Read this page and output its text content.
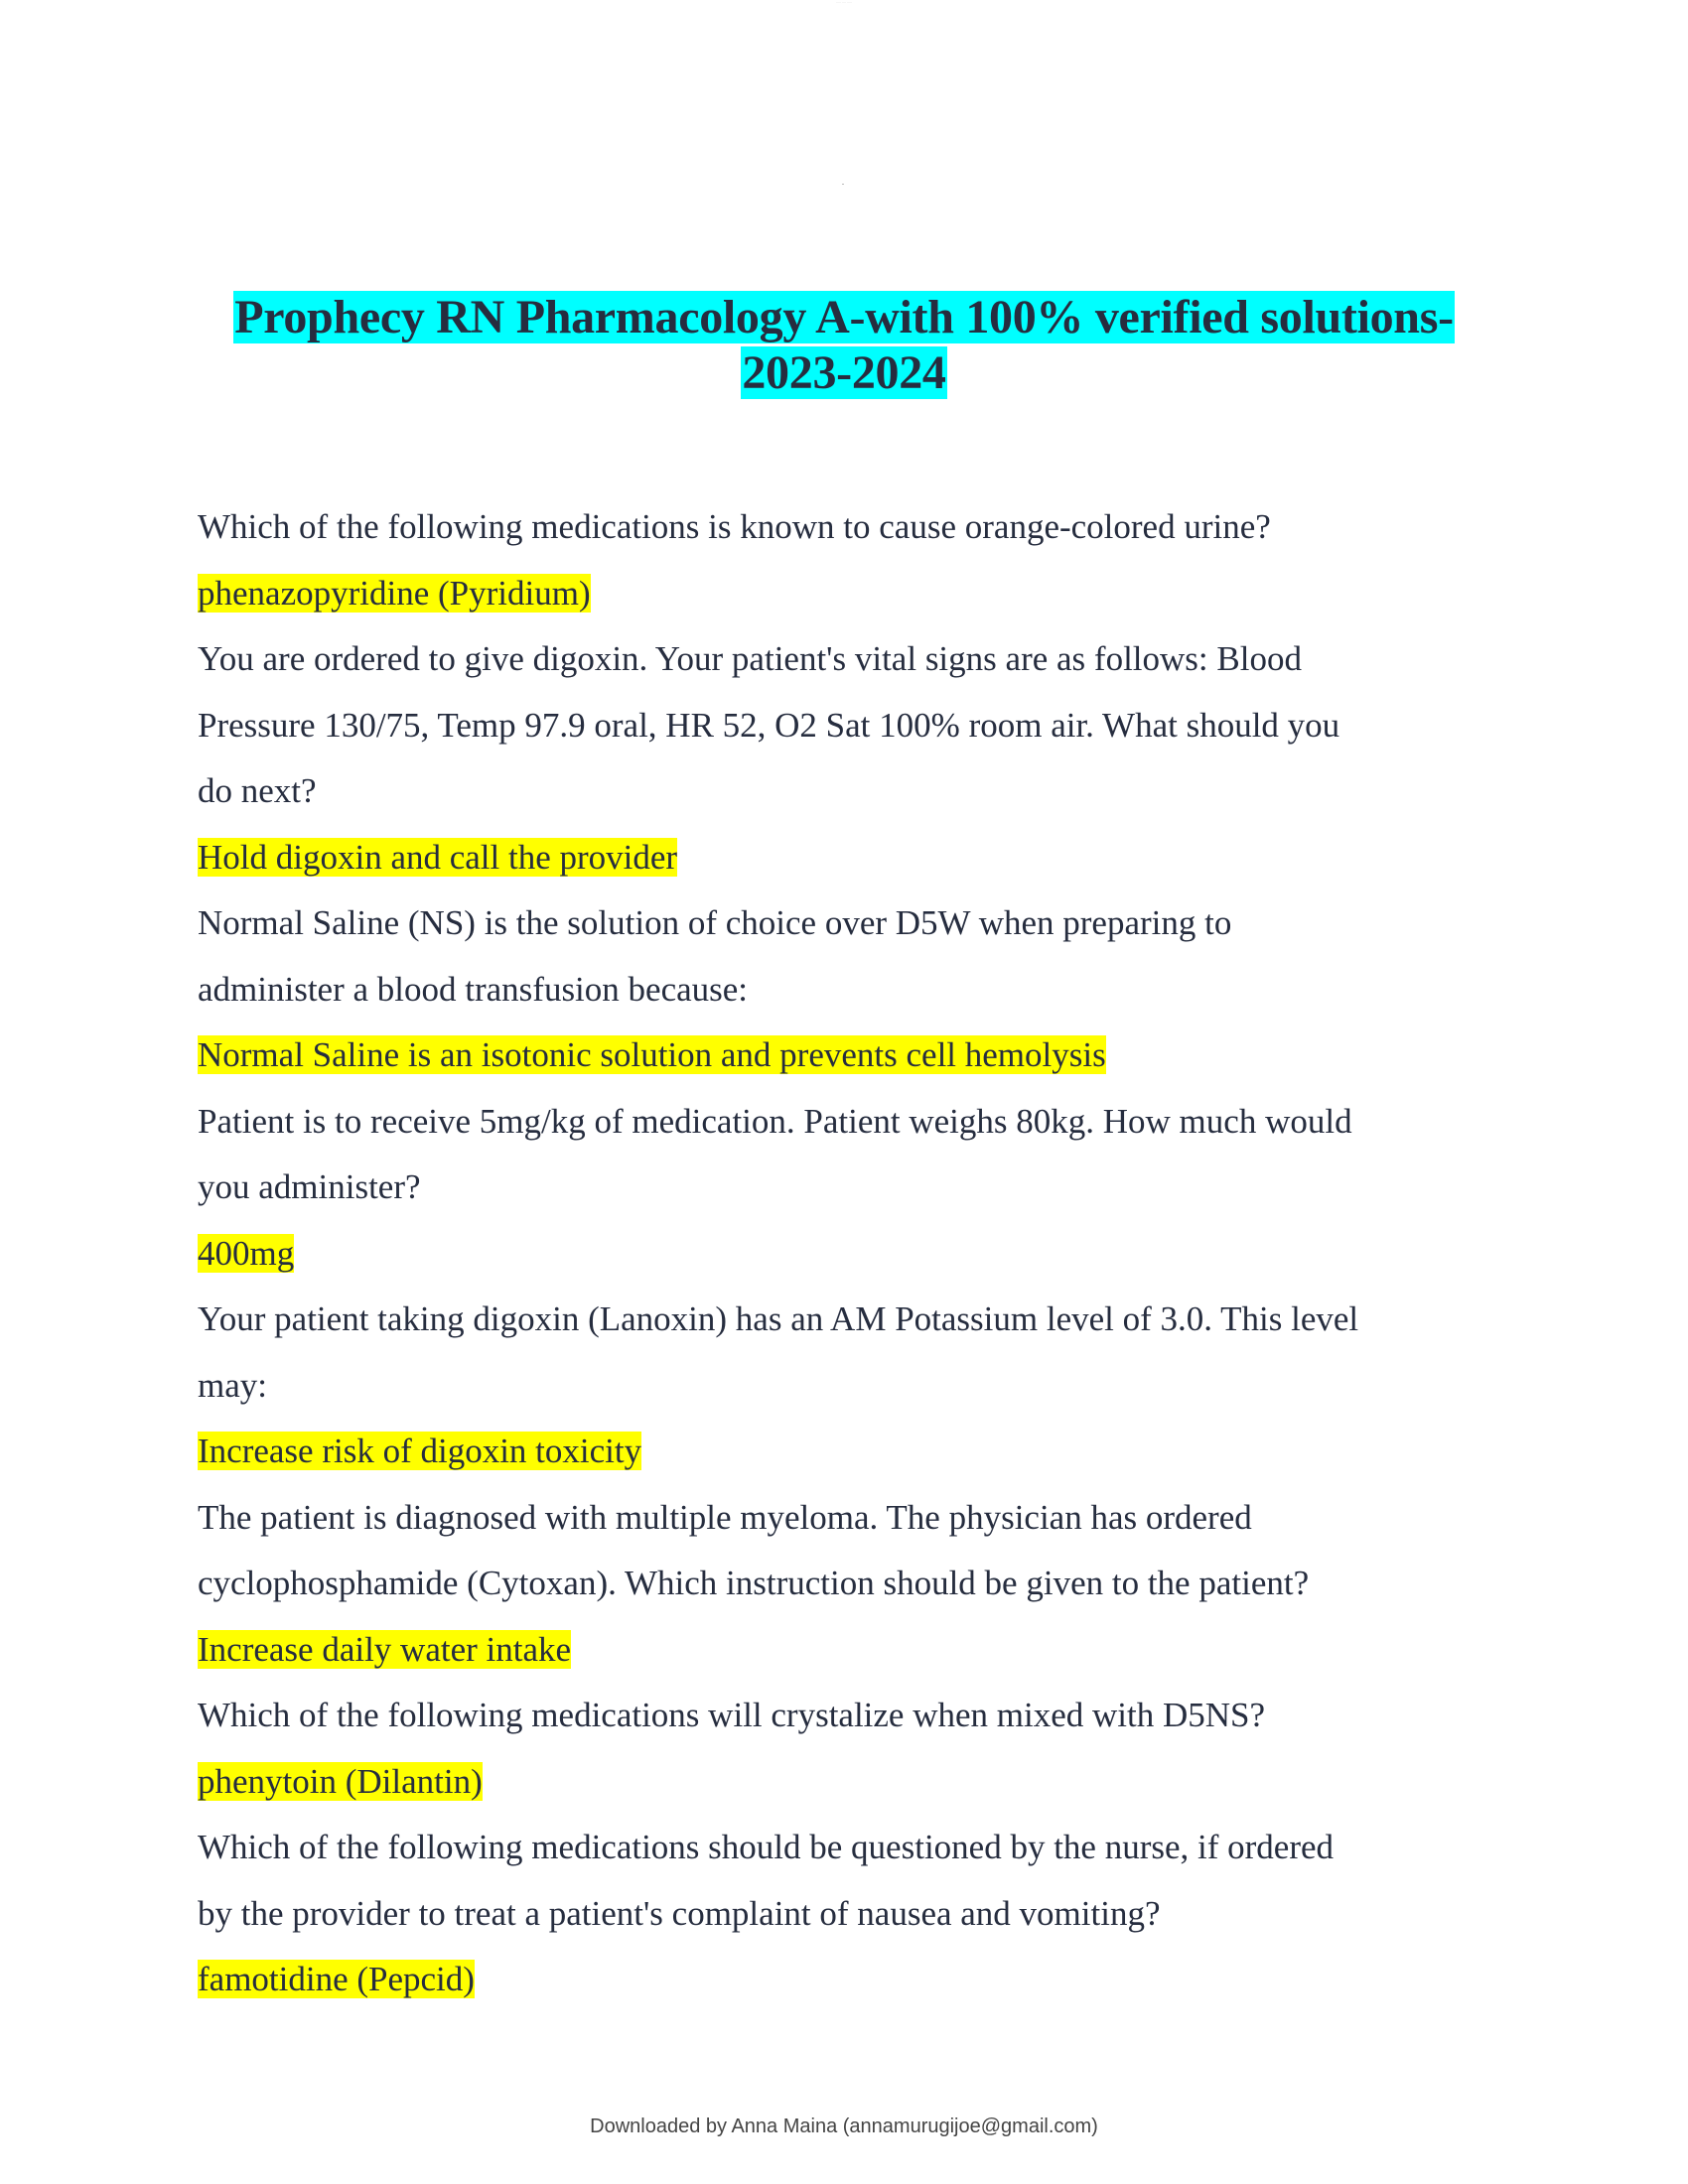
····· ···· ·····
Prophecy RN Pharmacology A-with 100% verified solutions-
2023-2024
Which of the following medications is known to cause orange-colored urine?
phenazopyridine (Pyridium)
You are ordered to give digoxin. Your patient's vital signs are as follows: Blood
Pressure 130/75, Temp 97.9 oral, HR 52, O2 Sat 100% room air. What should you
do next?
Hold digoxin and call the provider
Normal Saline (NS) is the solution of choice over D5W when preparing to
administer a blood transfusion because:
Normal Saline is an isotonic solution and prevents cell hemolysis
Patient is to receive 5mg/kg of medication. Patient weighs 80kg. How much would
you administer?
400mg
Your patient taking digoxin (Lanoxin) has an AM Potassium level of 3.0. This level
may:
Increase risk of digoxin toxicity
The patient is diagnosed with multiple myeloma. The physician has ordered
cyclophosphamide (Cytoxan). Which instruction should be given to the patient?
Increase daily water intake
Which of the following medications will crystalize when mixed with D5NS?
phenytoin (Dilantin)
Which of the following medications should be questioned by the nurse, if ordered
by the provider to treat a patient's complaint of nausea and vomiting?
famotidine (Pepcid)
Downloaded by Anna Maina (annamurugijoe@gmail.com)
